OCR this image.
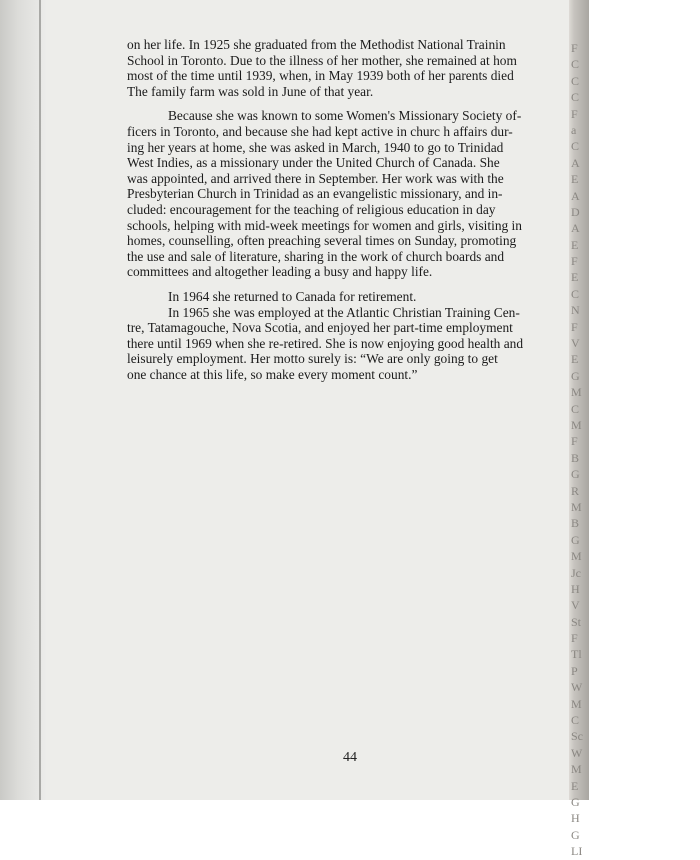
on her life. In 1925 she graduated from the Methodist National Trainin
School in Toronto. Due to the illness of her mother, she remained at hom
most of the time until 1939, when, in May 1939 both of her parents died
The family farm was sold in June of that year.
Because she was known to some Women's Missionary Society of-
ficers in Toronto, and because she had kept active in churc h affairs dur-
ing her years at home, she was asked in March, 1940 to go to Trinidad
West Indies, as a missionary under the United Church of Canada. She
was appointed, and arrived there in September. Her work was with the
Presbyterian Church in Trinidad as an evangelistic missionary, and in-
cluded: encouragement for the teaching of religious education in day
schools, helping with mid-week meetings for women and girls, visiting in
homes, counselling, often preaching several times on Sunday, promoting
the use and sale of literature, sharing in the work of church boards and
committees and altogether leading a busy and happy life.
In 1964 she returned to Canada for retirement.
In 1965 she was employed at the Atlantic Christian Training Cen-
tre, Tatamagouche, Nova Scotia, and enjoyed her part-time employment
there until 1969 when she re-retired. She is now enjoying good health and
leisurely employment. Her motto surely is: “We are only going to get
one chance at this life, so make every moment count.”
F
C
C
C
F
a
C
A
E
A
D
A
E
F
E
C
N
F
V
E
G
M
C
M
F
B
G
R
M
B
G
M
Jc
H
V
St
F
Tl
P
W
M
C
Sc
W
M
E
G
H
G
LI
44
